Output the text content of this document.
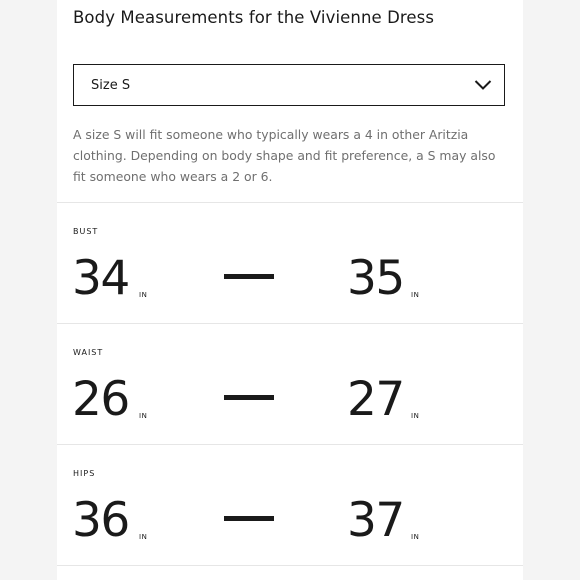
Body Measurements for the Vivienne Dress
Size S
A size S will fit someone who typically wears a 4 in other Aritzia clothing. Depending on body shape and fit preference, a S may also fit someone who wears a 2 or 6.
BUST
34 IN	35 IN
WAIST
26 IN	27 IN
HIPS
36 IN	37 IN
